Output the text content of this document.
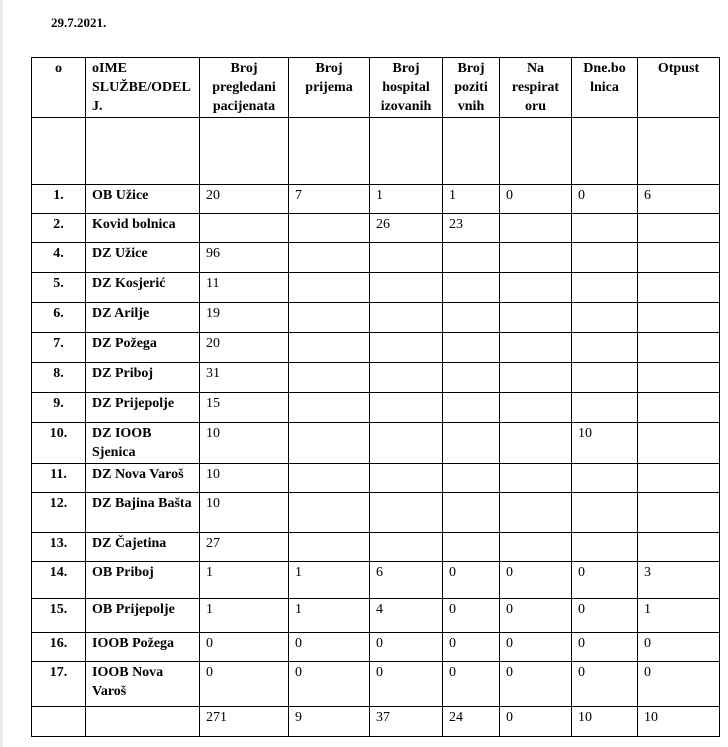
29.7.2021.
o	oIME SLUŽBE/ODEL J.	Broj pregledani pacijenata	Broj prijema	Broj hospital izovanih	Broj poziti vnih	Na respirat oru	Dne.bo lnica	Otpust

1.	OB Užice	20	7	1	1	0	0	6
2.	Kovid bolnica			26	23			
4.	DZ Užice	96						
5.	DZ Kosjerić	11						
6.	DZ Arilje	19						
7.	DZ Požega	20						
8.	DZ Priboj	31						
9.	DZ Prijepolje	15						
10.	DZ IOOB Sjenica	10					10	
11.	DZ Nova Varoš	10						
12.	DZ Bajina Bašta	10						
13.	DZ Čajetina	27						
14.	OB Priboj	1	1	6	0	0	0	3
15.	OB Prijepolje	1	1	4	0	0	0	1
16.	IOOB Požega	0	0	0	0	0	0	0
17.	IOOB Nova Varoš	0	0	0	0	0	0	0
		271	9	37	24	0	10	10
